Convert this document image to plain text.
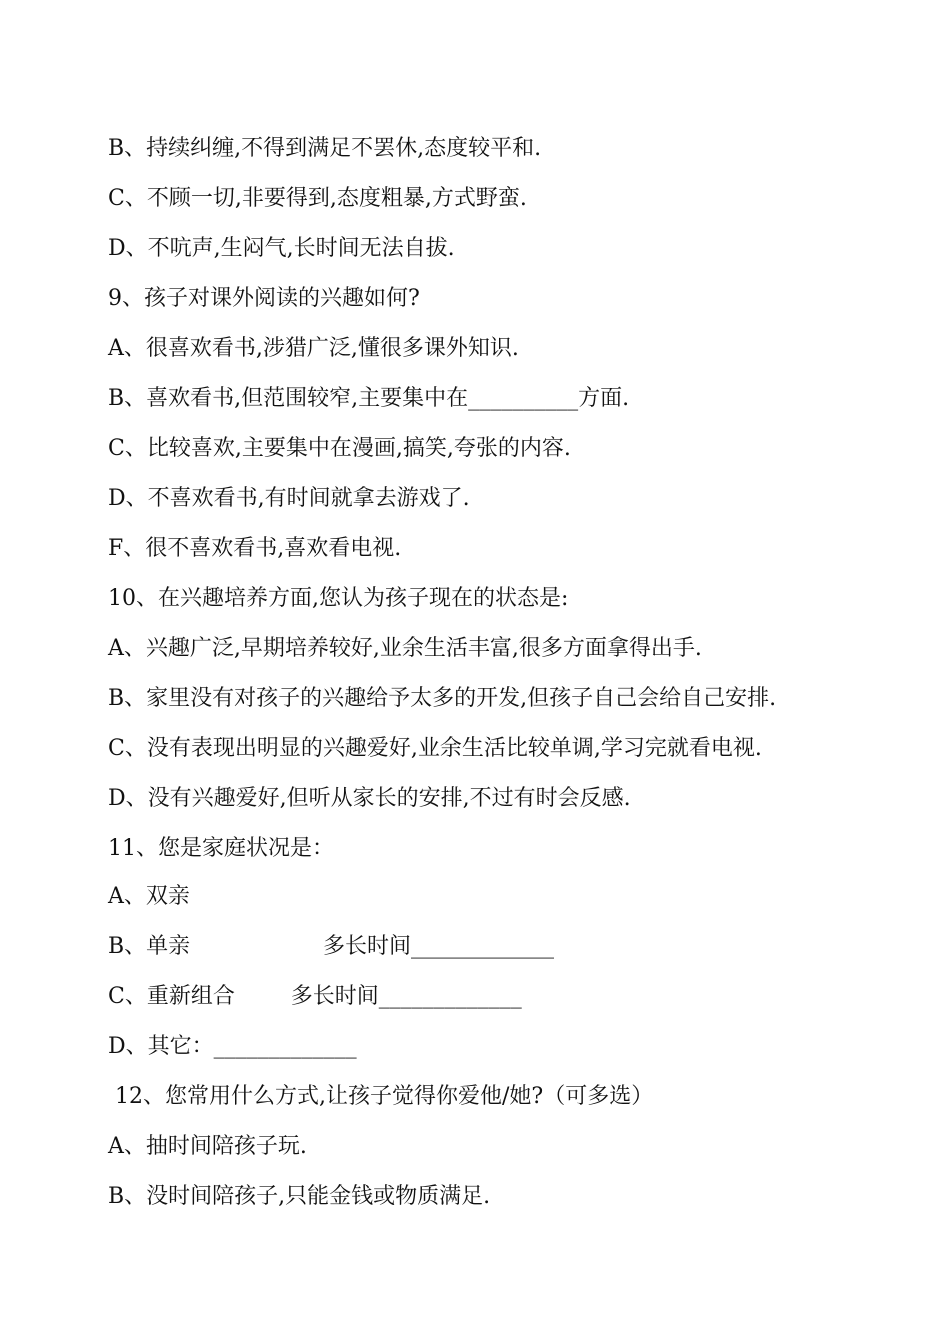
B、持续纠缠,不得到满足不罢休,态度较平和.
C、不顾一切,非要得到,态度粗暴,方式野蛮.
D、不吭声,生闷气,长时间无法自拔.
9、孩子对课外阅读的兴趣如何?
A、很喜欢看书,涉猎广泛,懂很多课外知识.
B、喜欢看书,但范围较窄,主要集中在__________方面.
C、比较喜欢,主要集中在漫画,搞笑,夸张的内容.
D、不喜欢看书,有时间就拿去游戏了.
F、很不喜欢看书,喜欢看电视.
10、在兴趣培养方面,您认为孩子现在的状态是:
A、兴趣广泛,早期培养较好,业余生活丰富,很多方面拿得出手.
B、家里没有对孩子的兴趣给予太多的开发,但孩子自己会给自己安排.
C、没有表现出明显的兴趣爱好,业余生活比较单调,学习完就看电视.
D、没有兴趣爱好,但听从家长的安排,不过有时会反感.
11、您是家庭状况是：
A、双亲
B、单亲                   多长时间_____________
C、重新组合        多长时间_____________
D、其它：_____________
12、您常用什么方式,让孩子觉得你爱他/她?（可多选）
A、抽时间陪孩子玩.
B、没时间陪孩子,只能金钱或物质满足.
